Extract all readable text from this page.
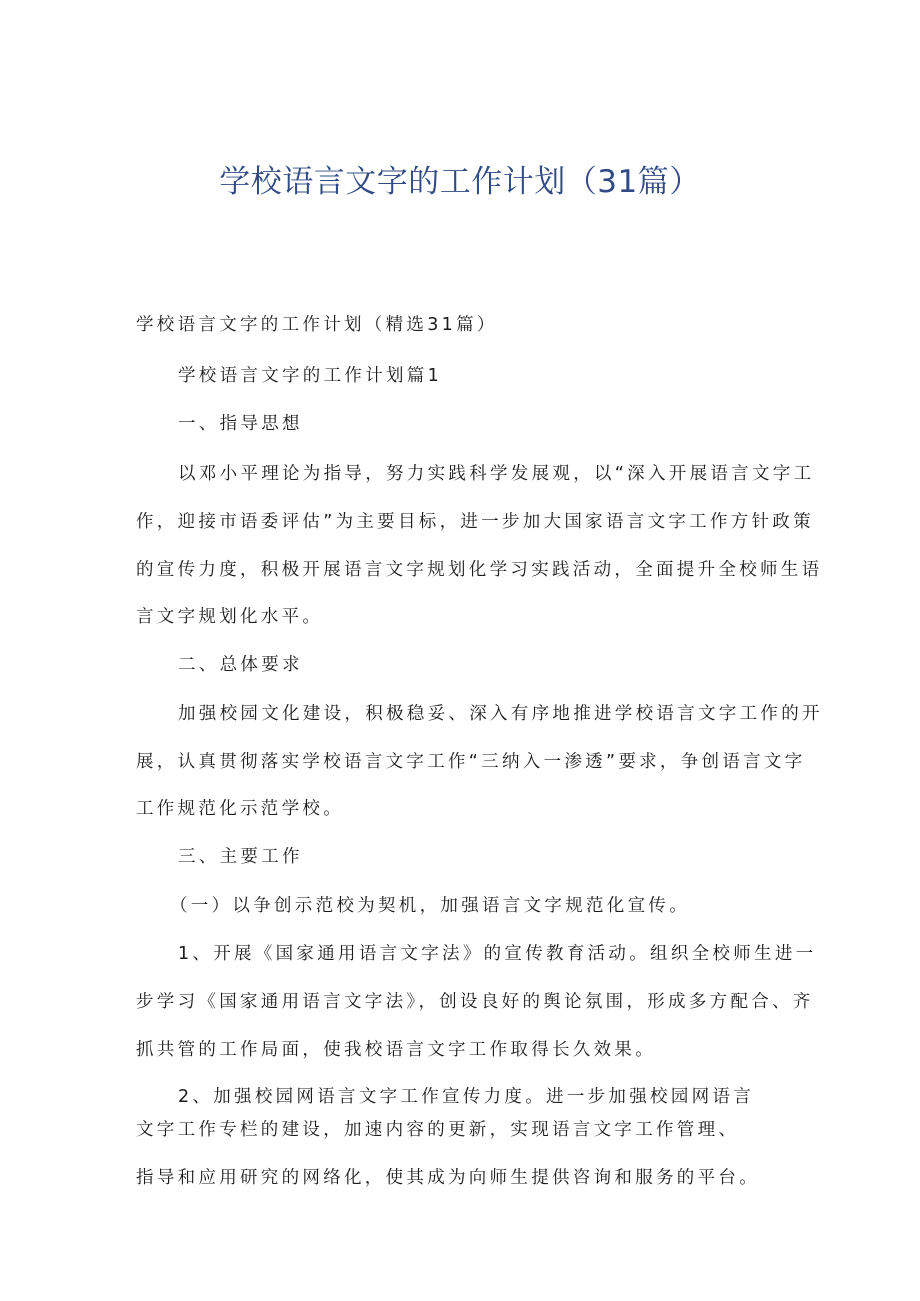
学校语言文字的工作计划（31篇）
学校语言文字的工作计划（精选31篇）
学校语言文字的工作计划篇1
一、指导思想
以邓小平理论为指导，努力实践科学发展观，以“深入开展语言文字工
作，迎接市语委评估”为主要目标，进一步加大国家语言文字工作方针政策
的宣传力度，积极开展语言文字规划化学习实践活动，全面提升全校师生语
言文字规划化水平。
二、总体要求
加强校园文化建设，积极稳妥、深入有序地推进学校语言文字工作的开
展，认真贯彻落实学校语言文字工作“三纳入一渗透”要求，争创语言文字
工作规范化示范学校。
三、主要工作
（一）以争创示范校为契机，加强语言文字规范化宣传。
1、开展《国家通用语言文字法》的宣传教育活动。组织全校师生进一
步学习《国家通用语言文字法》，创设良好的舆论氛围，形成多方配合、齐
抓共管的工作局面，使我校语言文字工作取得长久效果。
2、加强校园网语言文字工作宣传力度。进一步加强校园网语言
文字工作专栏的建设，加速内容的更新，实现语言文字工作管理、
指导和应用研究的网络化，使其成为向师生提供咨询和服务的平台。
